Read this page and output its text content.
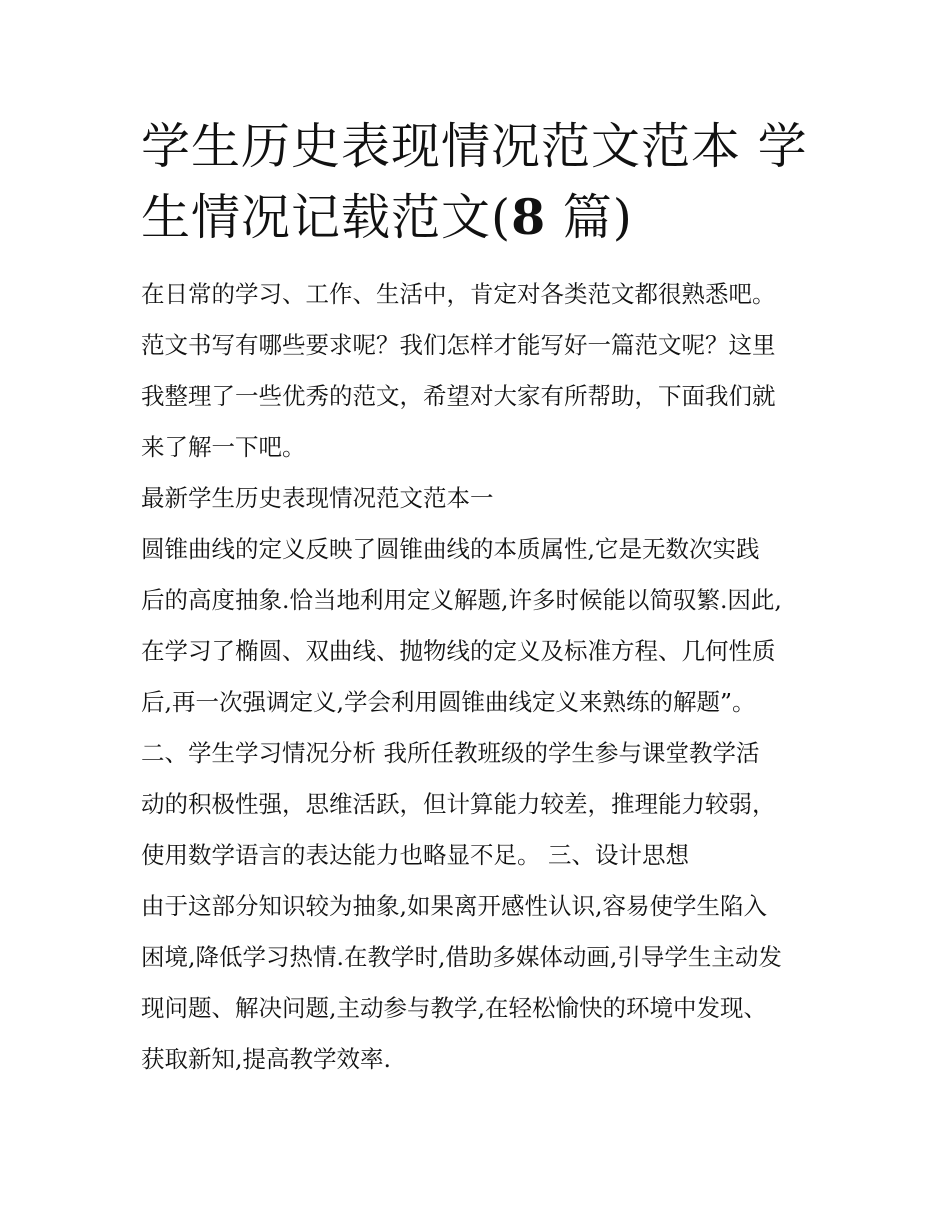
学生历史表现情况范文范本 学
生情况记载范文(8 篇)

在日常的学习、工作、生活中，肯定对各类范文都很熟悉吧。
范文书写有哪些要求呢？我们怎样才能写好一篇范文呢？这里
我整理了一些优秀的范文，希望对大家有所帮助，下面我们就
来了解一下吧。

最新学生历史表现情况范文范本一

圆锥曲线的定义反映了圆锥曲线的本质属性,它是无数次实践
后的高度抽象.恰当地利用定义解题,许多时候能以简驭繁.因此,
在学习了椭圆、双曲线、抛物线的定义及标准方程、几何性质
后,再一次强调定义,学会利用圆锥曲线定义来熟练的解题”。

二、学生学习情况分析 我所任教班级的学生参与课堂教学活
动的积极性强，思维活跃，但计算能力较差，推理能力较弱，
使用数学语言的表达能力也略显不足。 三、设计思想

由于这部分知识较为抽象,如果离开感性认识,容易使学生陷入
困境,降低学习热情.在教学时,借助多媒体动画,引导学生主动发
现问题、解决问题,主动参与教学,在轻松愉快的环境中发现、
获取新知,提高教学效率.
